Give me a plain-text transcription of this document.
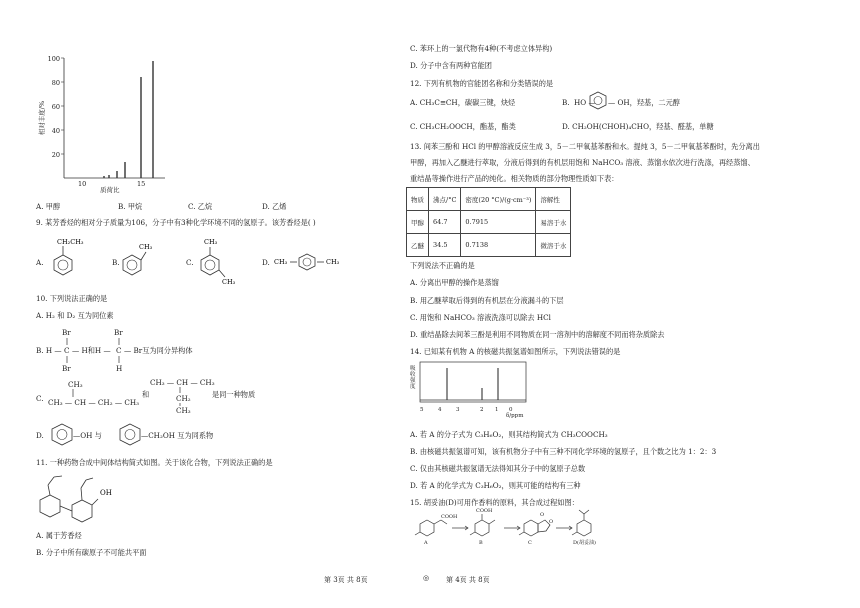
100
80
60
40
20
相对丰度/%
10	15
质荷比
A. 甲醇	B. 甲烷	C. 乙烷	D. 乙烯
9. 某芳香烃的相对分子质量为106，分子中有3种化学环境不同的氢原子。该芳香烃是( )
A.
CH₂CH₃
B.
CH₃
C.
CH₃
CH₃
D. CH₃	CH₃
10. 下列说法正确的是
A. H₂ 和 D₂ 互为同位素
B. H — C — H和H — C — Br互为同分异构体
Br
Br
Br
H
C.
CH₃
CH₃ — CH — CH₂ — CH₃
和
CH₃ — CH — CH₃
CH₂
CH₃
是同一种物质
D.	—OH 与	—CH₂OH 互为同系物
11. 一种药物合成中间体结构简式如图。关于该化合物，下列说法正确的是
OH
A. 属于芳香烃
B. 分子中所有碳原子不可能共平面
C. 苯环上的一氯代物有4种(不考虑立体异构)
D. 分子中含有两种官能团
12. 下列有机物的官能团名称和分类错误的是
A. CH₃C≡CH，碳碳三键，炔烃	B. HO — — OH，羟基，二元醇
C. CH₃CH₂OOCH，酯基，酯类	D. CH₂OH(CHOH)₄CHO，羟基、醛基，单糖
13. 间苯三酚和 HCl 的甲醇溶液反应生成 3，5－二甲氧基苯酚和水。提纯 3，5－二甲氧基苯酚时，先分离出
甲醇，再加入乙醚进行萃取，分液后得到的有机层用饱和 NaHCO₃ 溶液、蒸馏水依次进行洗涤，再经蒸馏、
重结晶等操作进行产品的纯化。相关物质的部分物理性质如下表：
物质	沸点/°C	密度(20 °C)/(g·cm⁻³)	溶解性
甲醇	64.7	0.7915	易溶于水
乙醚	34.5	0.7138	微溶于水
下列说法不正确的是
A. 分离出甲醇的操作是蒸馏
B. 用乙醚萃取后得到的有机层在分液漏斗的下层
C. 用饱和 NaHCO₃ 溶液洗涤可以除去 HCl
D. 重结晶除去间苯三酚是利用不同物质在同一溶剂中的溶解度不同而将杂质除去
14. 已知某有机物 A 的核磁共振氢谱如图所示，下列说法错误的是
吸
收
强
度
5	4	3	2 1 0
δ/ppm
A. 若 A 的分子式为 C₃H₆O₂，则其结构简式为 CH₃COOCH₃
B. 由核磁共振氢谱可知，该有机物分子中有三种不同化学环境的氢原子，且个数之比为 1：2：3
C. 仅由其核磁共振氢谱无法得知其分子中的氢原子总数
D. 若 A 的化学式为 C₃H₆O₂，则其可能的结构有三种
15. 胡妥油(D)可用作香料的原料，其合成过程如图：
COOH
A
COOH
B
O
O
C	D(胡妥油)
第 3页 共 8页	◎ 第 4页 共 8页
